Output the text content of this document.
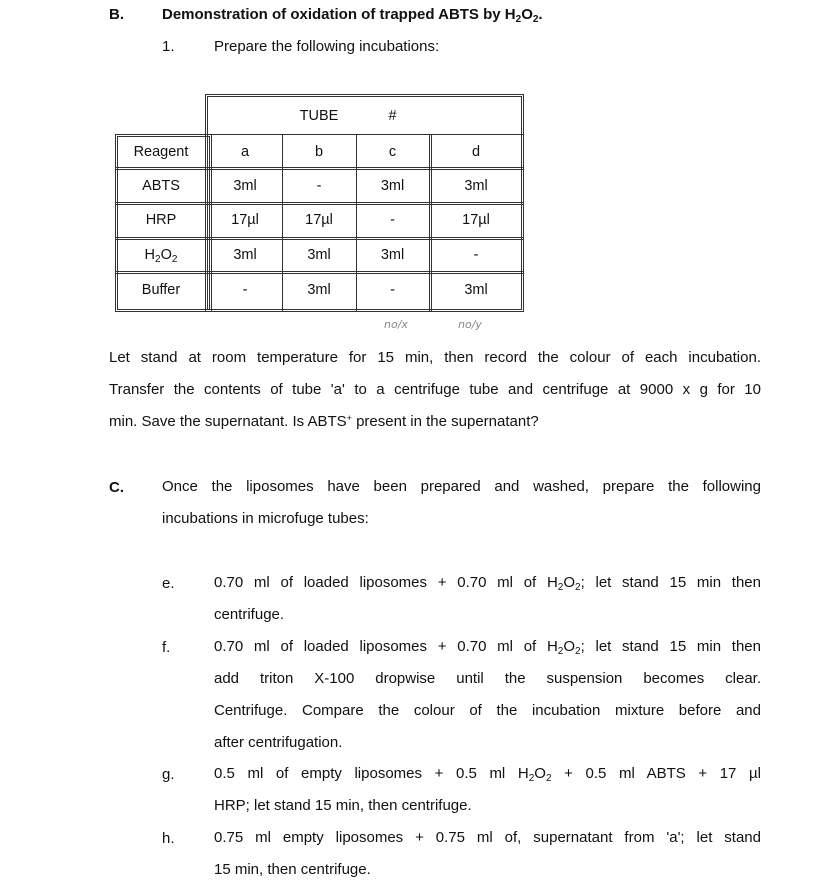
B.	Demonstration of oxidation of trapped ABTS by $H_2O_2$.
1.	Prepare the following incubations:
TUBE	#
Reagent	a	b	c	d
ABTS	3ml	-	3ml	3ml
HRP	17µl	17µl	-	17µl
$H_2O_2$	3ml	3ml	3ml	-
Buffer	-	3ml	-	3ml
no/x	no/y
Let stand at room temperature for 15 min, then record the colour of each incubation.
Transfer the contents of tube 'a' to a centrifuge tube and centrifuge at 9000 x g for 10
min. Save the supernatant. Is ABTS+ present in the supernatant?
C.	Once the liposomes have been prepared and washed, prepare the following
incubations in microfuge tubes:
e.	0.70 ml of loaded liposomes + 0.70 ml of $H_2O_2$; let stand 15 min then
centrifuge.
f.	0.70 ml of loaded liposomes + 0.70 ml of $H_2O_2$; let stand 15 min then
add triton X-100 dropwise until the suspension becomes clear.
Centrifuge. Compare the colour of the incubation mixture before and
after centrifugation.
g.	0.5 ml of empty liposomes + 0.5 ml $H_2O_2 + 0.5$ ml ABTS + 17 µl
HRP; let stand 15 min, then centrifuge.
h.	0.75 ml empty liposomes + 0.75 ml of, supernatant from 'a'; let stand
15 min, then centrifuge.
